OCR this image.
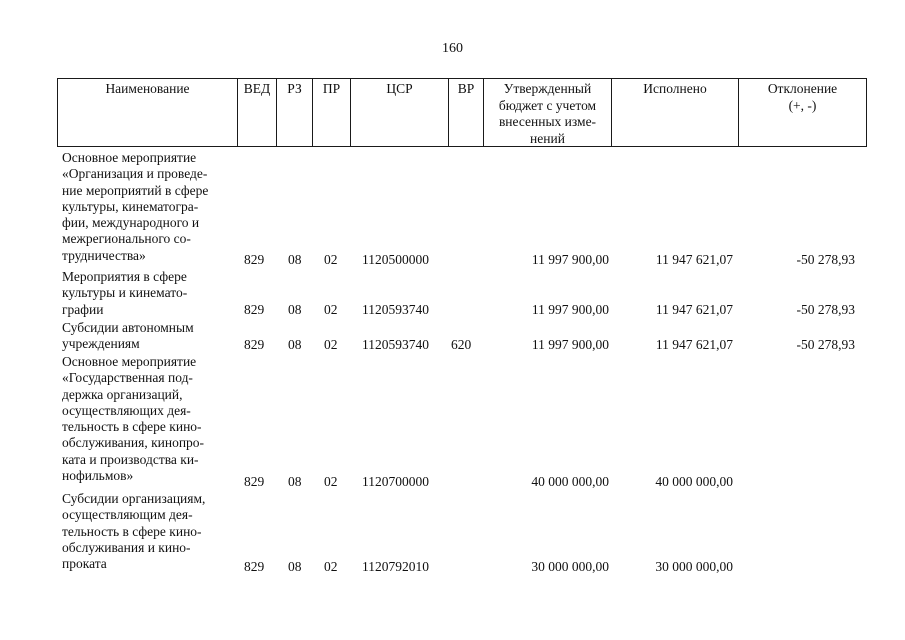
160
Наименование	ВЕД	РЗ	ПР	ЦСР	ВР	Утвержденный
бюджет с учетом
внесенных изме-
нений
Исполнено	Отклонение
(+, -)
Основное мероприятие
«Организация и проведе-
ние мероприятий в сфере
культуры, кинематогра-
фии, международного и
межрегионального со-
трудничества»	829 08 02 1120500000	11 997 900,00	11 947 621,07	-50 278,93
Мероприятия в сфере
культуры и кинемато-
графии	829 08 02 1120593740	11 997 900,00	11 947 621,07	-50 278,93
Субсидии автономным
учреждениям	829 08 02 1120593740 620	11 997 900,00	11 947 621,07	-50 278,93
Основное мероприятие
«Государственная под-
держка организаций,
осуществляющих дея-
тельность в сфере кино-
обслуживания, кинопро-
ката и производства ки-
нофильмов»	829 08 02 1120700000	40 000 000,00	40 000 000,00
Субсидии организациям,
осуществляющим дея-
тельность в сфере кино-
обслуживания и кино-
проката	829 08 02 1120792010	30 000 000,00	30 000 000,00
